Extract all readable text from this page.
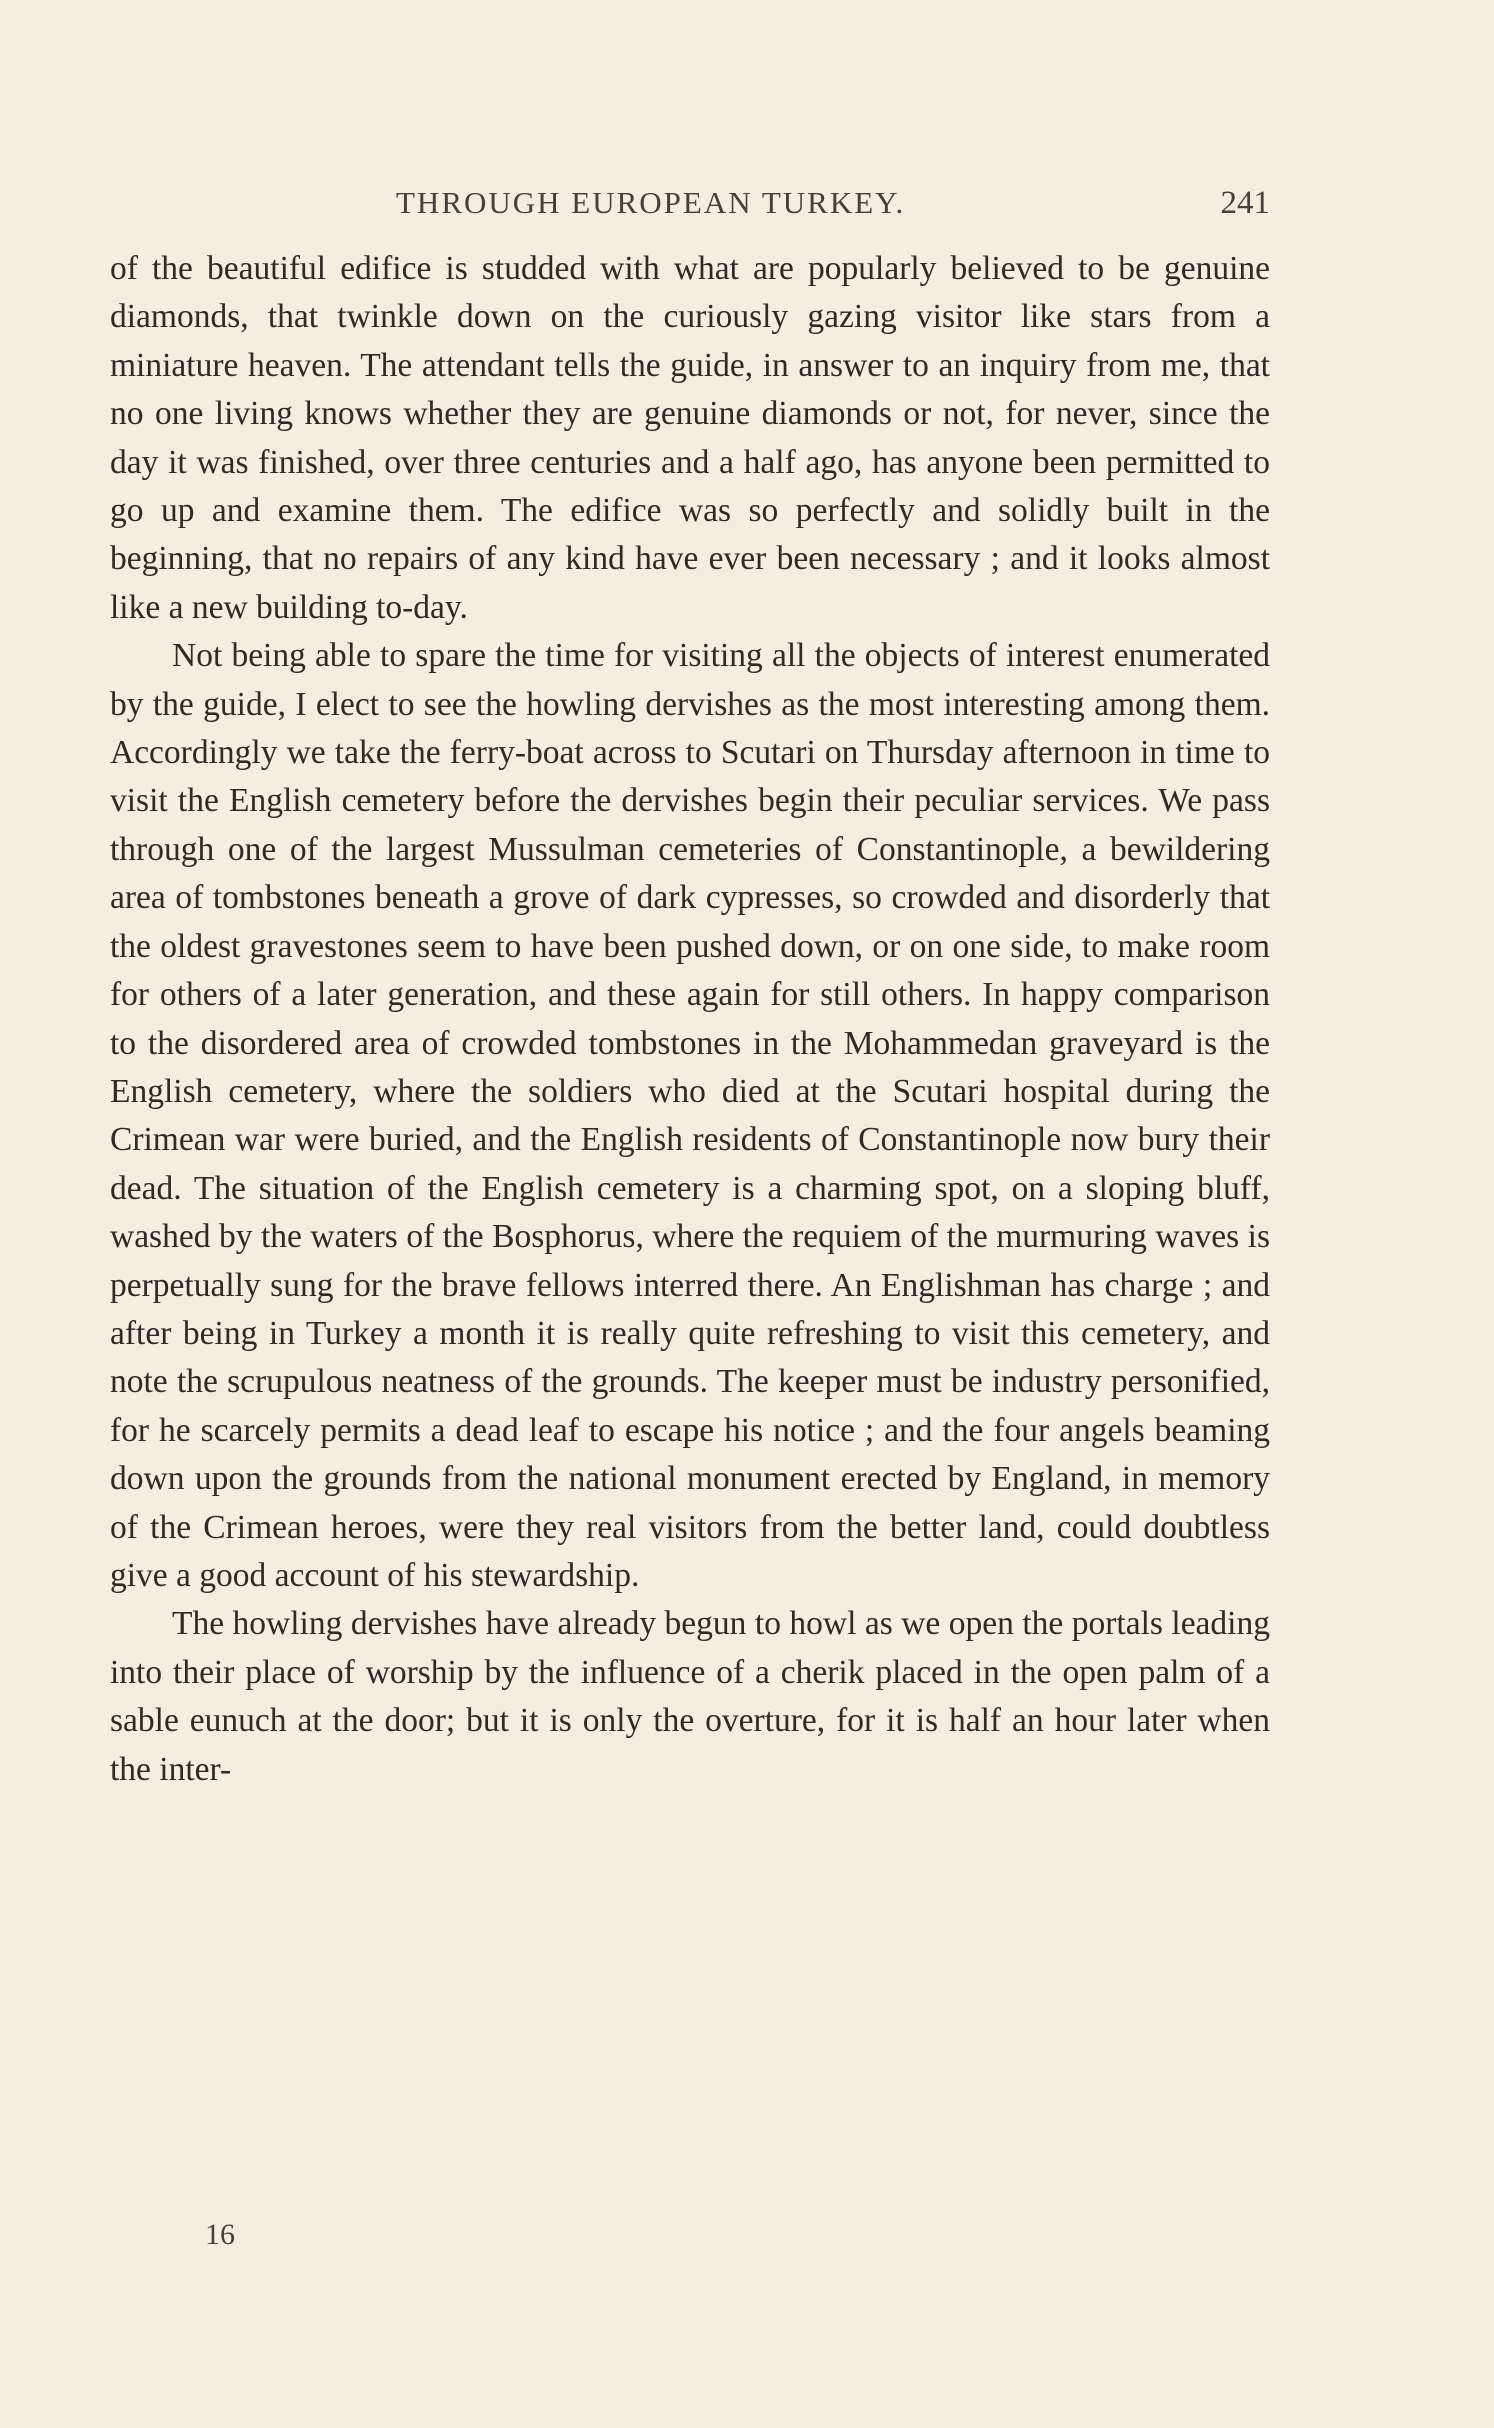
THROUGH EUROPEAN TURKEY.	241

of the beautiful edifice is studded with what are popularly believed to be genuine diamonds, that twinkle down on the curiously gazing visitor like stars from a miniature heaven. The attendant tells the guide, in answer to an inquiry from me, that no one living knows whether they are genuine diamonds or not, for never, since the day it was finished, over three centuries and a half ago, has anyone been permitted to go up and examine them. The edifice was so perfectly and solidly built in the beginning, that no repairs of any kind have ever been necessary ; and it looks almost like a new building to-day.

Not being able to spare the time for visiting all the objects of interest enumerated by the guide, I elect to see the howling dervishes as the most interesting among them. Accordingly we take the ferry-boat across to Scutari on Thursday afternoon in time to visit the English cemetery before the dervishes begin their peculiar services. We pass through one of the largest Mussulman cemeteries of Constantinople, a bewildering area of tombstones beneath a grove of dark cypresses, so crowded and disorderly that the oldest gravestones seem to have been pushed down, or on one side, to make room for others of a later generation, and these again for still others. In happy comparison to the disordered area of crowded tombstones in the Mohammedan graveyard is the English cemetery, where the soldiers who died at the Scutari hospital during the Crimean war were buried, and the English residents of Constantinople now bury their dead. The situation of the English cemetery is a charming spot, on a sloping bluff, washed by the waters of the Bosphorus, where the requiem of the murmuring waves is perpetually sung for the brave fellows interred there. An Englishman has charge ; and after being in Turkey a month it is really quite refreshing to visit this cemetery, and note the scrupulous neatness of the grounds. The keeper must be industry personified, for he scarcely permits a dead leaf to escape his notice ; and the four angels beaming down upon the grounds from the national monument erected by England, in memory of the Crimean heroes, were they real visitors from the better land, could doubtless give a good account of his stewardship.

The howling dervishes have already begun to howl as we open the portals leading into their place of worship by the influence of a cherik placed in the open palm of a sable eunuch at the door; but it is only the overture, for it is half an hour later when the inter-

16
